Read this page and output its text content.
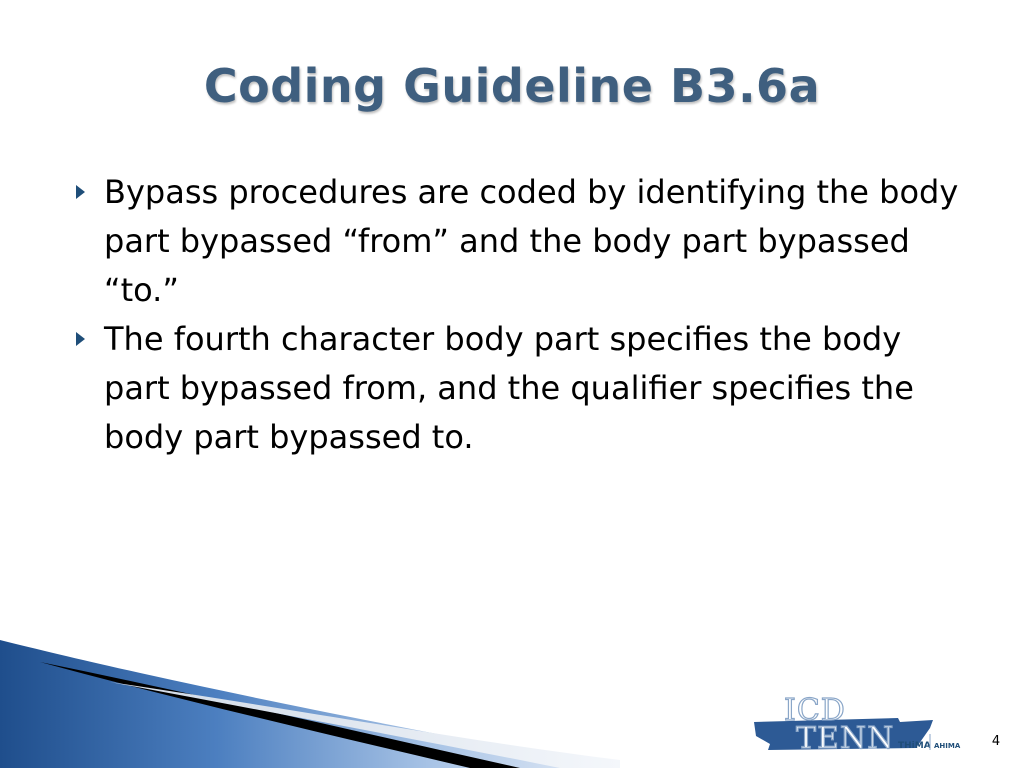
Coding Guideline B3.6a
Bypass procedures are coded by identifying the body part bypassed “from” and the body part bypassed “to.”
The fourth character body part specifies the body part bypassed from, and the qualifier specifies the body part bypassed to.
ICD
TENN THiMA AHIMA	4
